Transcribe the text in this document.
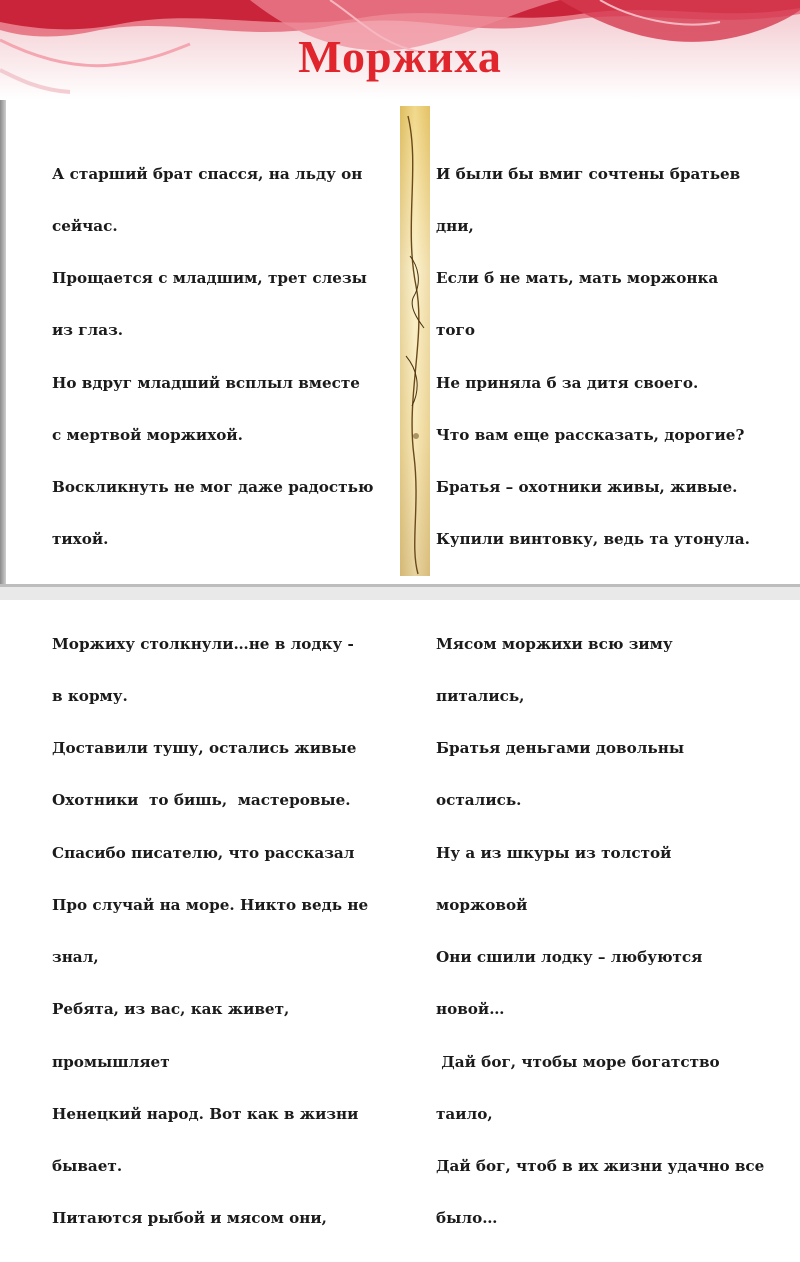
Моржиха

А старший брат спасся, на льду он

сейчас.

Прощается с младшим, трет слезы

из глаз.

Но вдруг младший всплыл вместе

с мертвой моржихой.

Воскликнуть не мог даже радостью

тихой.

Моржиху столкнули…не в лодку -

в корму.

Доставили тушу, остались живые

Охотники  то бишь,  мастеровые.

Спасибо писателю, что рассказал

Про случай на море. Никто ведь не

знал,

Ребята, из вас, как живет,

промышляет

Ненецкий народ. Вот как в жизни

бывает.

Питаются рыбой и мясом они,

И были бы вмиг сочтены братьев

дни,

Если б не мать, мать моржонка

того

Не приняла б за дитя своего.

Что вам еще рассказать, дорогие?

Братья – охотники живы, живые.

Купили винтовку, ведь та утонула.

Мясом моржихи всю зиму

питались,

Братья деньгами довольны

остались.

Ну а из шкуры из толстой

моржовой

Они сшили лодку – любуются

новой…

Дай бог, чтобы море богатство

таило,

Дай бог, чтоб в их жизни удачно все

было…
